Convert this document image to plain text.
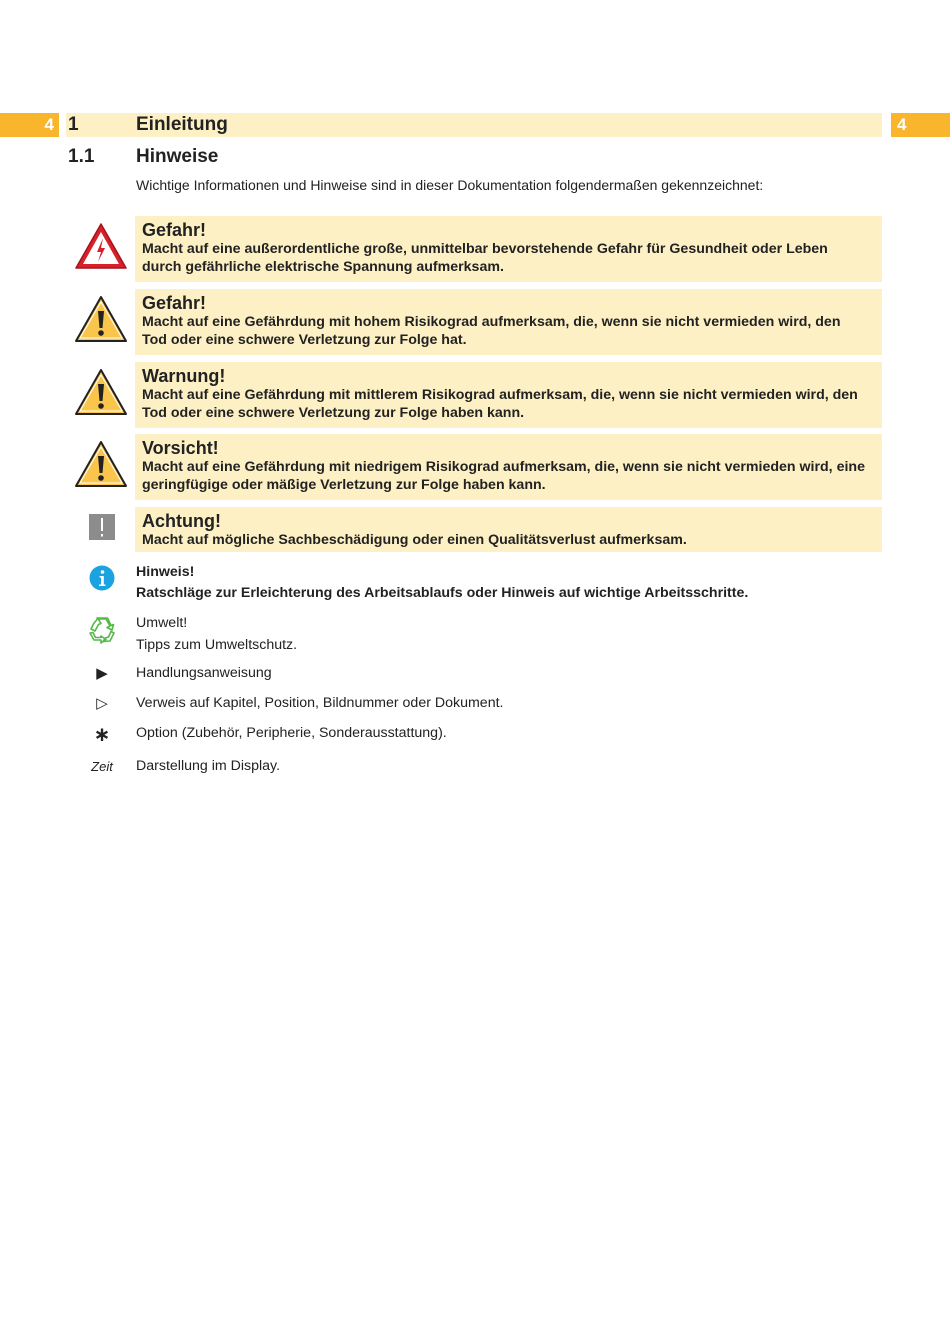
4 1	Einleitung	4
1.1 Hinweise
Wichtige Informationen und Hinweise sind in dieser Dokumentation folgendermaßen gekennzeichnet:
Gefahr!
Macht auf eine außerordentliche große, unmittelbar bevorstehende Gefahr für Gesundheit oder Leben
durch gefährliche elektrische Spannung aufmerksam.
Gefahr!
Macht auf eine Gefährdung mit hohem Risikograd aufmerksam, die, wenn sie nicht vermieden wird, den
Tod oder eine schwere Verletzung zur Folge hat.
Warnung!
Macht auf eine Gefährdung mit mittlerem Risikograd aufmerksam, die, wenn sie nicht vermieden wird, den
Tod oder eine schwere Verletzung zur Folge haben kann.
Vorsicht!
Macht auf eine Gefährdung mit niedrigem Risikograd aufmerksam, die, wenn sie nicht vermieden wird, eine
geringfügige oder mäßige Verletzung zur Folge haben kann.
Achtung!
Macht auf mögliche Sachbeschädigung oder einen Qualitätsverlust aufmerksam.
Hinweis!
Ratschläge zur Erleichterung des Arbeitsablaufs oder Hinweis auf wichtige Arbeitsschritte.
Umwelt!
Tipps zum Umweltschutz.
▶	Handlungsanweisung
▷	Verweis auf Kapitel, Position, Bildnummer oder Dokument.
∗	Option (Zubehör, Peripherie, Sonderausstattung).
Zeit	Darstellung im Display.
